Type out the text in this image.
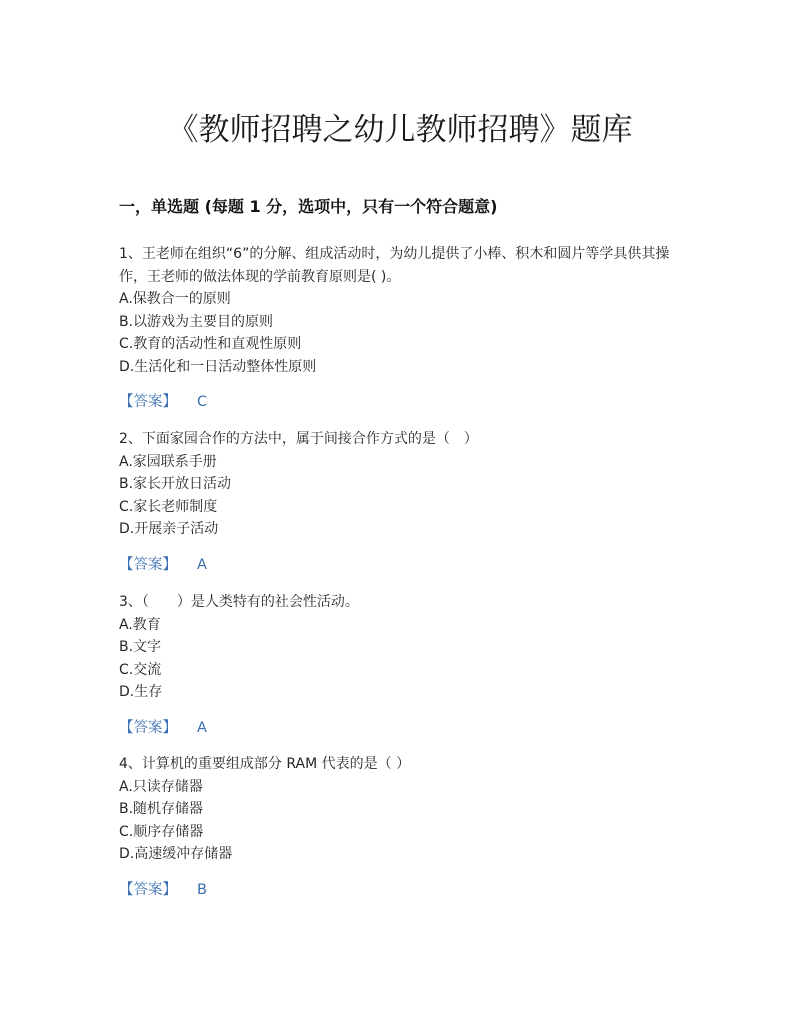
《教师招聘之幼儿教师招聘》题库
一，单选题 (每题 1 分，选项中，只有一个符合题意)

1、王老师在组织“6”的分解、组成活动时，为幼儿提供了小棒、积木和圆片等学具供其操作，王老师的做法体现的学前教育原则是( )。

A.保教合一的原则

B.以游戏为主要目的原则

C.教育的活动性和直观性原则

D.生活化和一日活动整体性原则

【答案】 C

2、下面家园合作的方法中，属于间接合作方式的是（　）

A.家园联系手册

B.家长开放日活动

C.家长老师制度

D.开展亲子活动

【答案】 A

3、（　　）是人类特有的社会性活动。

A.教育

B.文字

C.交流

D.生存

【答案】 A

4、计算机的重要组成部分 RAM 代表的是（ ）

A.只读存储器

B.随机存储器

C.顺序存储器

D.高速缓冲存储器

【答案】 B
